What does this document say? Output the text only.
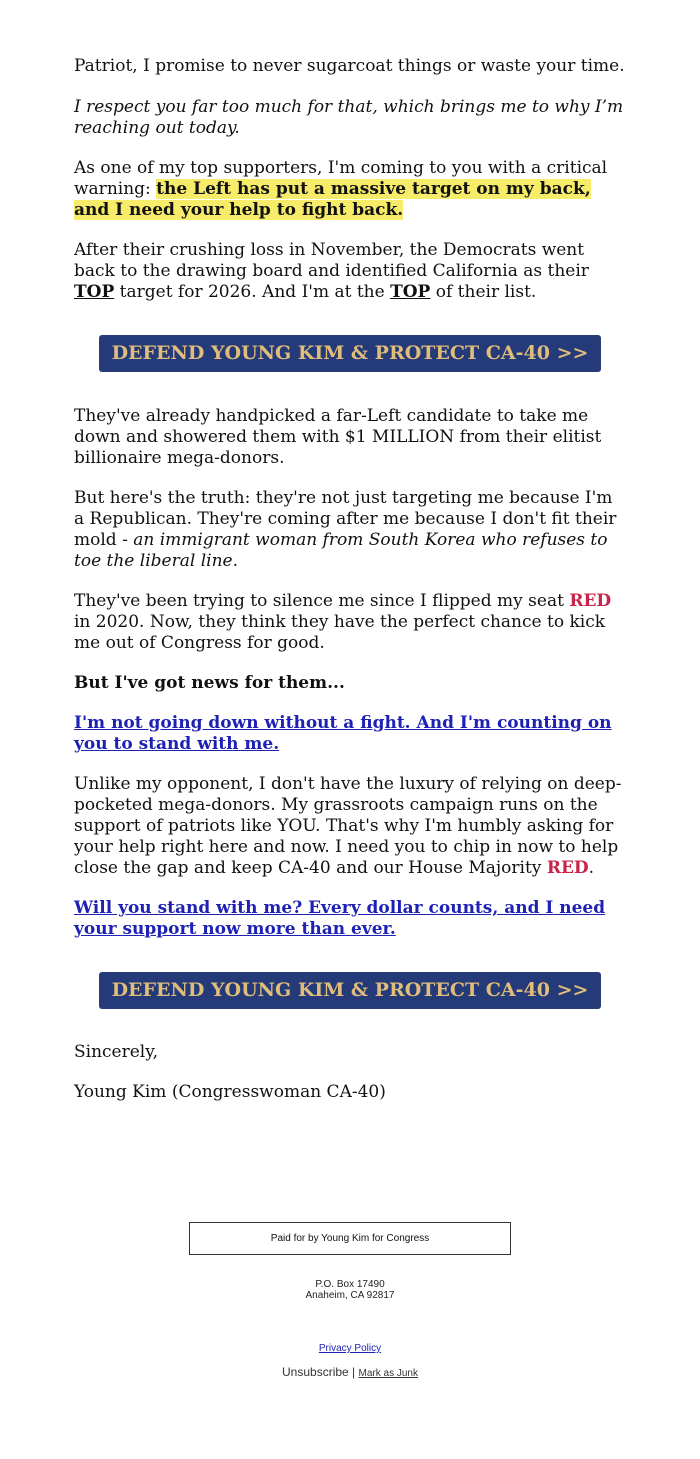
Patriot, I promise to never sugarcoat things or waste your time.

I respect you far too much for that, which brings me to why I’m reaching out today.

As one of my top supporters, I'm coming to you with a critical warning: the Left has put a massive target on my back, and I need your help to fight back.

After their crushing loss in November, the Democrats went back to the drawing board and identified California as their TOP target for 2026. And I'm at the TOP of their list.

DEFEND YOUNG KIM & PROTECT CA-40 >>

They've already handpicked a far-Left candidate to take me down and showered them with $1 MILLION from their elitist billionaire mega-donors.

But here's the truth: they're not just targeting me because I'm a Republican. They're coming after me because I don't fit their mold - an immigrant woman from South Korea who refuses to toe the liberal line.

They've been trying to silence me since I flipped my seat RED in 2020. Now, they think they have the perfect chance to kick me out of Congress for good.

But I've got news for them...

I'm not going down without a fight. And I'm counting on you to stand with me.

Unlike my opponent, I don't have the luxury of relying on deep-pocketed mega-donors. My grassroots campaign runs on the support of patriots like YOU. That's why I'm humbly asking for your help right here and now. I need you to chip in now to help close the gap and keep CA-40 and our House Majority RED.

Will you stand with me? Every dollar counts, and I need your support now more than ever.

DEFEND YOUNG KIM & PROTECT CA-40 >>

Sincerely,

Young Kim (Congresswoman CA-40)

Paid for by Young Kim for Congress
P.O. Box 17490
Anaheim, CA 92817
Privacy Policy
Unsubscribe | Mark as Junk
